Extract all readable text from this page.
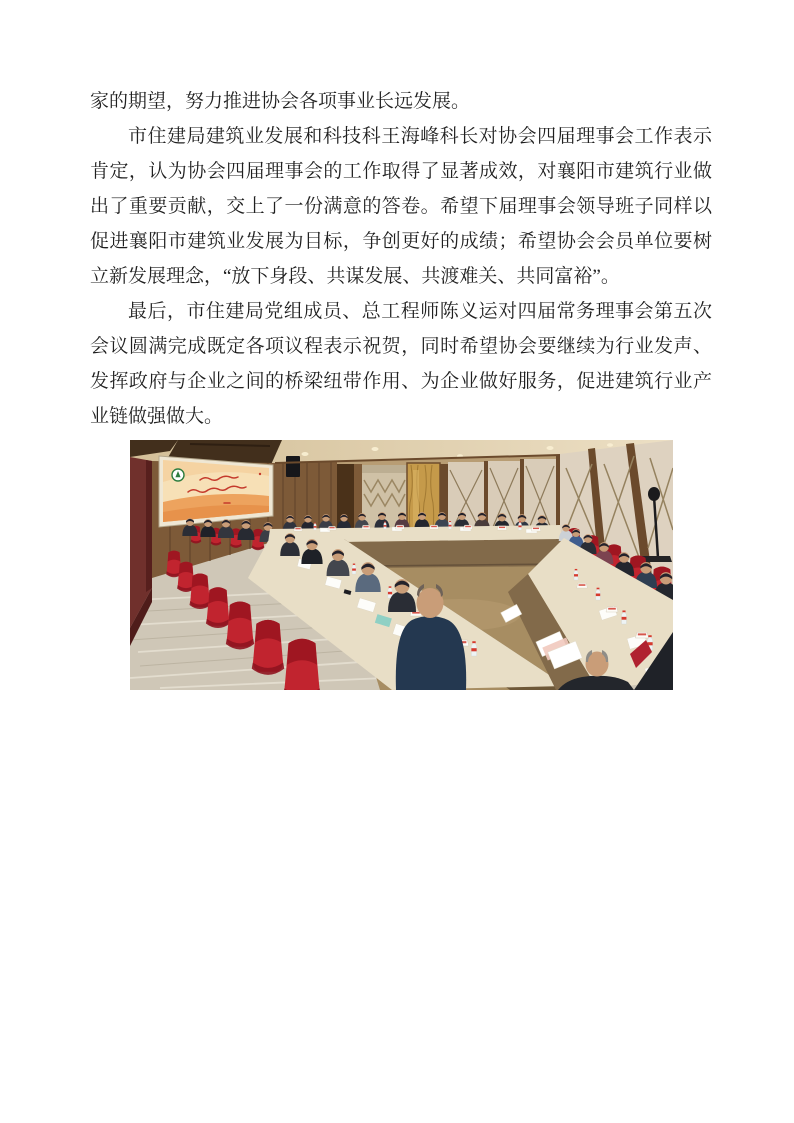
家的期望，努力推进协会各项事业长远发展。

市住建局建筑业发展和科技科王海峰科长对协会四届理事会工作表示肯定，认为协会四届理事会的工作取得了显著成效，对襄阳市建筑行业做出了重要贡献，交上了一份满意的答卷。希望下届理事会领导班子同样以促进襄阳市建筑业发展为目标，争创更好的成绩；希望协会会员单位要树立新发展理念，“放下身段、共谋发展、共渡难关、共同富裕”。

最后，市住建局党组成员、总工程师陈义运对四届常务理事会第五次会议圆满完成既定各项议程表示祝贺，同时希望协会要继续为行业发声、发挥政府与企业之间的桥梁纽带作用、为企业做好服务，促进建筑行业产业链做强做大。
